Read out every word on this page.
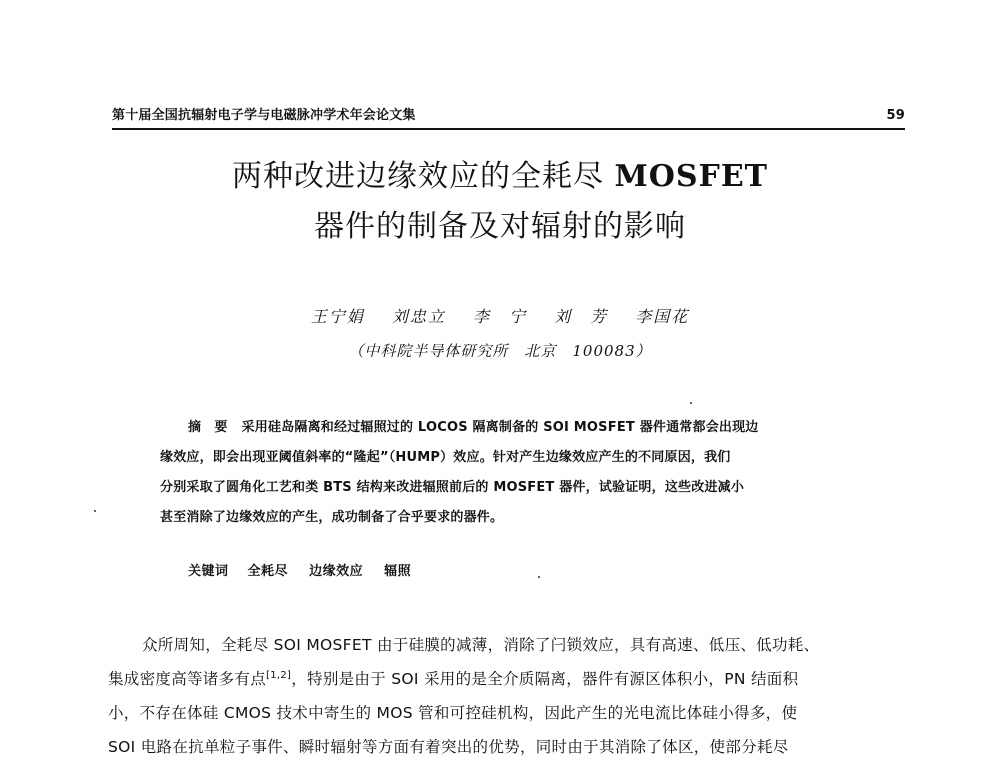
第十届全国抗辐射电子学与电磁脉冲学术年会论文集	59
两种改进边缘效应的全耗尽 MOSFET
器件的制备及对辐射的影响
王宁娟 刘忠立 李　宁 刘　芳 李国花
（中科院半导体研究所　北京　100083）
摘　要 采用硅岛隔离和经过辐照过的 LOCOS 隔离制备的 SOI MOSFET 器件通常都会出现边
缘效应，即会出现亚阈值斜率的“隆起”（HUMP）效应。针对产生边缘效应产生的不同原因，我们
分别采取了圆角化工艺和类 BTS 结构来改进辐照前后的 MOSFET 器件，试验证明，这些改进减小
甚至消除了边缘效应的产生，成功制备了合乎要求的器件。
关键词 全耗尽 边缘效应 辐照
众所周知，全耗尽 SOI MOSFET 由于硅膜的减薄，消除了闩锁效应，具有高速、低压、低功耗、
集成密度高等诸多有点[1,2]，特别是由于 SOI 采用的是全介质隔离，器件有源区体积小，PN 结面积
小，不存在体硅 CMOS 技术中寄生的 MOS 管和可控硅机构，因此产生的光电流比体硅小得多，使
SOI 电路在抗单粒子事件、瞬时辐射等方面有着突出的优势，同时由于其消除了体区，使部分耗尽
